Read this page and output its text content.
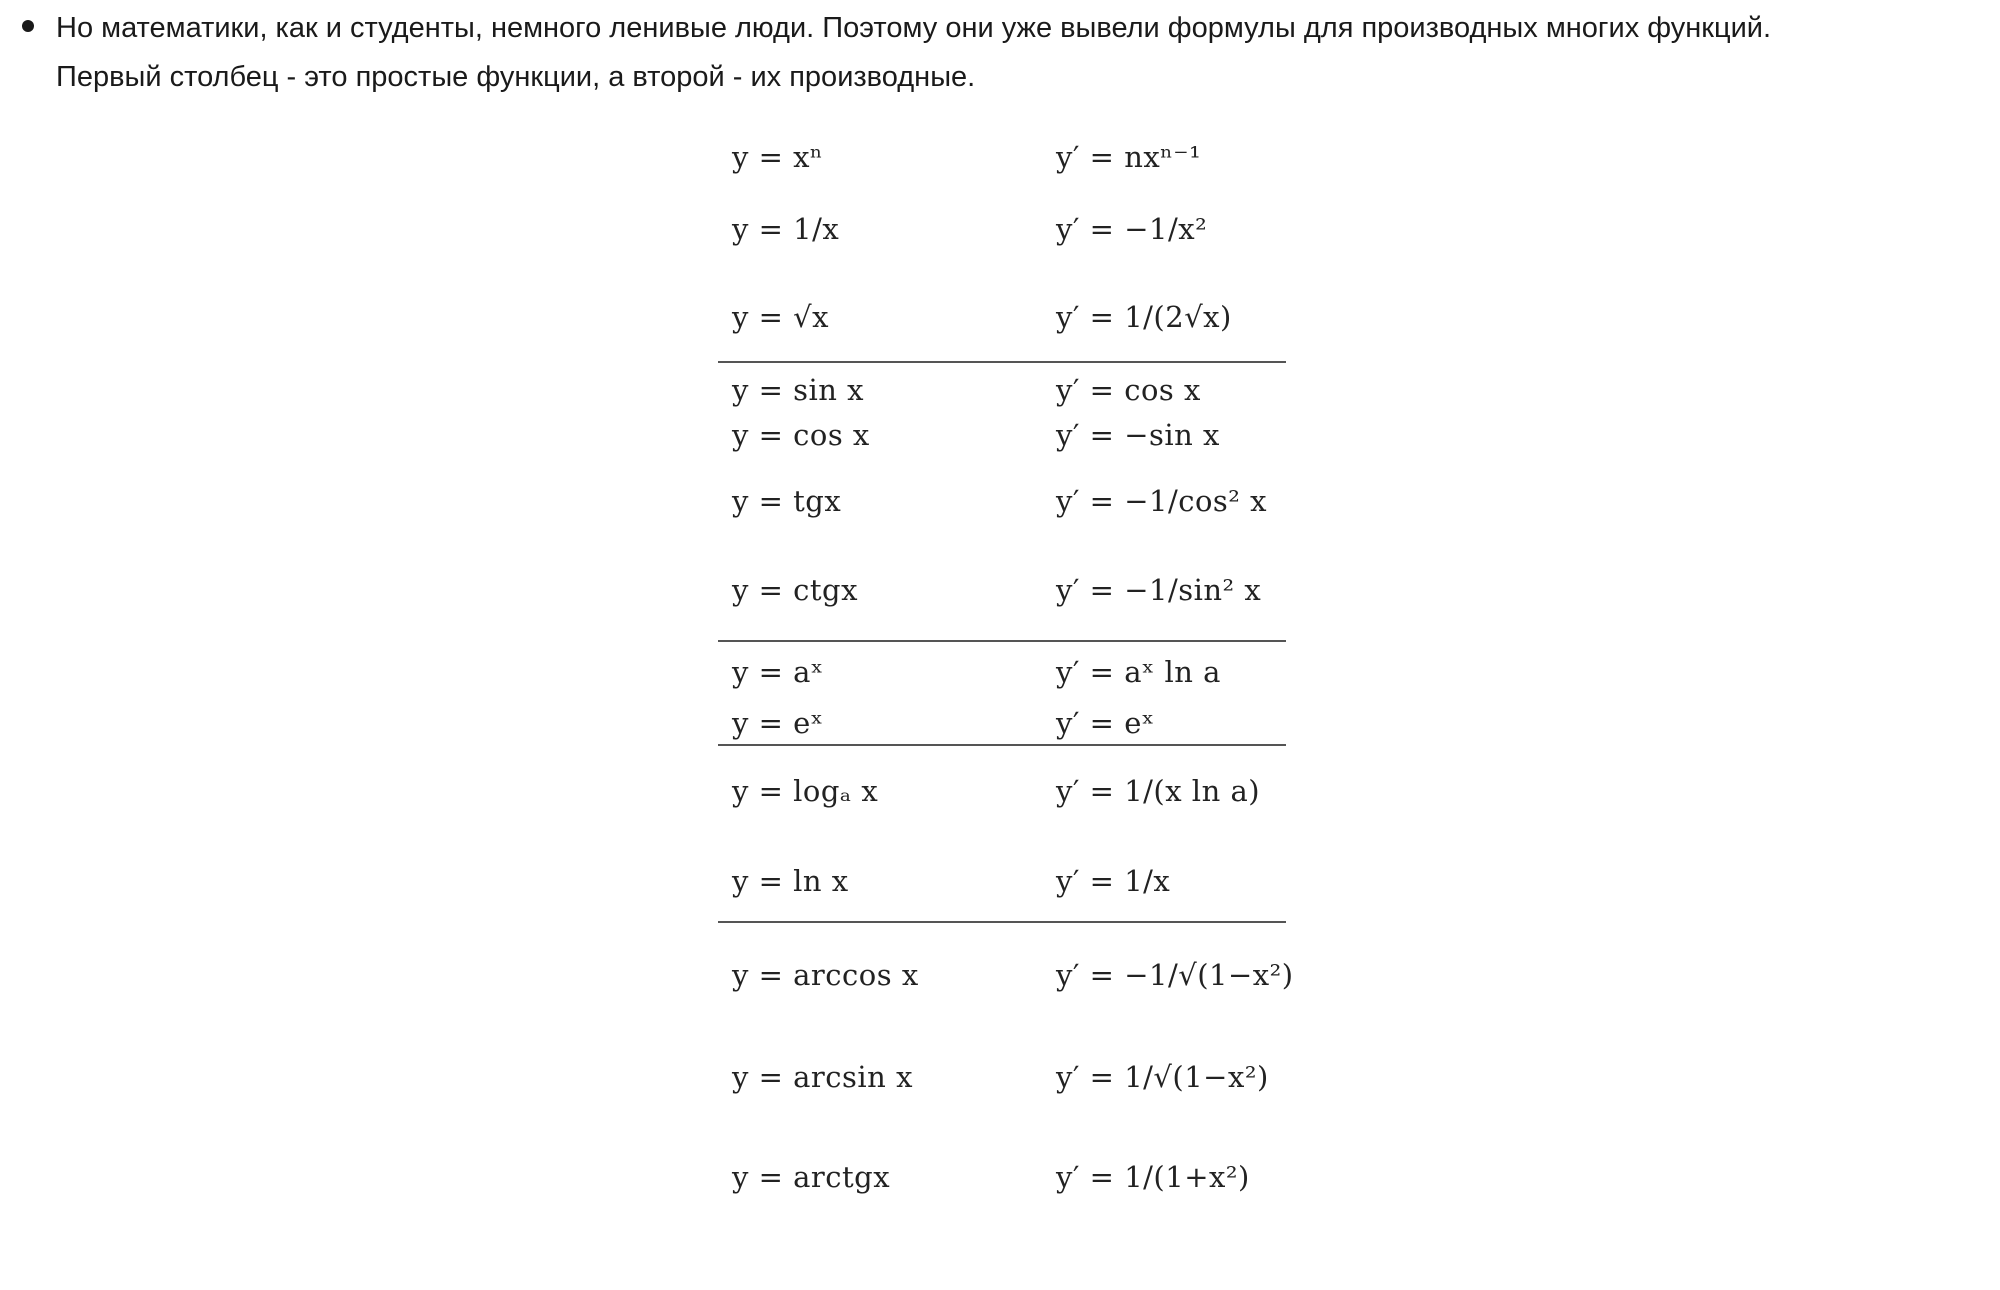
Но математики, как и студенты, немного ленивые люди. Поэтому они уже вывели формулы для производных многих функций.
Первый столбец - это простые функции, а второй - их производные.
y = xⁿ	y′ = nxⁿ⁻¹
y = 1/x	y′ = −1/x²
y = √x	y′ = 1/(2√x)
y = sin x	y′ = cos x
y = cos x	y′ = −sin x
y = tgx	y′ = −1/cos² x
y = ctgx	y′ = −1/sin² x
y = aˣ	y′ = aˣ ln a
y = eˣ	y′ = eˣ
y = logₐ x	y′ = 1/(x ln a)
y = ln x	y′ = 1/x
y = arccos x	y′ = −1/√(1−x²)
y = arcsin x	y′ = 1/√(1−x²)
y = arctgx	y′ = 1/(1+x²)
